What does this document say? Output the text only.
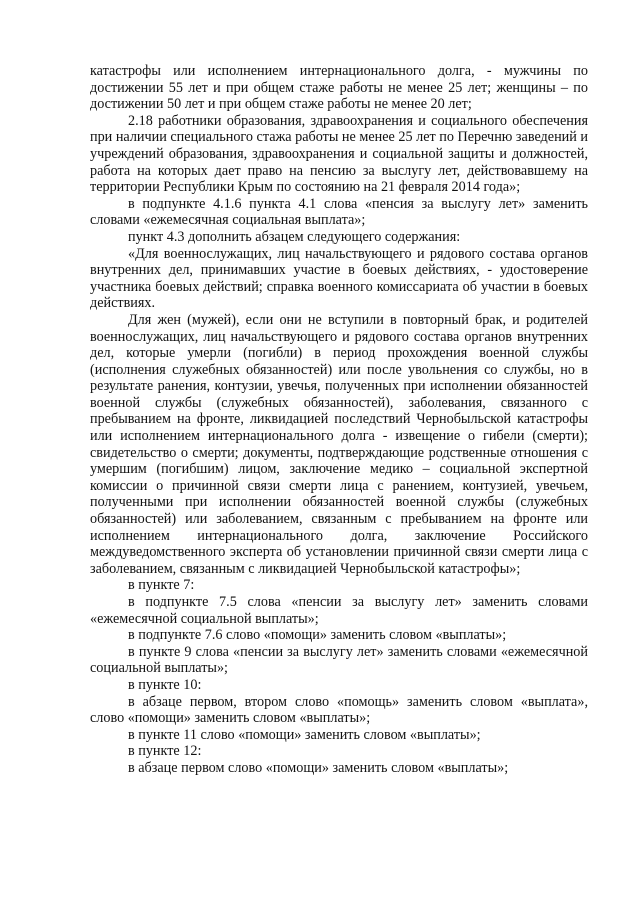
катастрофы или исполнением интернационального долга, - мужчины по достижении 55 лет и при общем стаже работы не менее 25 лет; женщины – по достижении 50 лет и при общем стаже работы не менее 20 лет;

2.18 работники образования, здравоохранения и социального обеспечения при наличии специального стажа работы не менее 25 лет по Перечню заведений и учреждений образования, здравоохранения и социальной защиты и должностей, работа на которых дает право на пенсию за выслугу лет, действовавшему на территории Республики Крым по состоянию на 21 февраля 2014 года»;

в подпункте 4.1.6 пункта 4.1 слова «пенсия за выслугу лет» заменить словами «ежемесячная социальная выплата»;

пункт 4.3 дополнить абзацем следующего содержания:

«Для военнослужащих, лиц начальствующего и рядового состава органов внутренних дел, принимавших участие в боевых действиях, - удостоверение участника боевых действий; справка военного комиссариата об участии в боевых действиях.

Для жен (мужей), если они не вступили в повторный брак, и родителей военнослужащих, лиц начальствующего и рядового состава органов внутренних дел, которые умерли (погибли) в период прохождения военной службы (исполнения служебных обязанностей) или после увольнения со службы, но в результате ранения, контузии, увечья, полученных при исполнении обязанностей военной службы (служебных обязанностей), заболевания, связанного с пребыванием на фронте, ликвидацией последствий Чернобыльской катастрофы или исполнением интернационального долга - извещение о гибели (смерти); свидетельство о смерти; документы, подтверждающие родственные отношения с умершим (погибшим) лицом, заключение медико – социальной экспертной комиссии о причинной связи смерти лица с ранением, контузией, увечьем, полученными при исполнении обязанностей военной службы (служебных обязанностей) или заболеванием, связанным с пребыванием на фронте или исполнением интернационального долга, заключение Российского междуведомственного эксперта об установлении причинной связи смерти лица с заболеванием, связанным с ликвидацией Чернобыльской катастрофы»;

в пункте 7:

в подпункте 7.5 слова «пенсии за выслугу лет» заменить словами «ежемесячной социальной выплаты»;

в подпункте 7.6 слово «помощи» заменить словом «выплаты»;

в пункте 9 слова «пенсии за выслугу лет» заменить словами «ежемесячной социальной выплаты»;

в пункте 10:

в абзаце первом, втором слово «помощь» заменить словом «выплата», слово «помощи» заменить словом «выплаты»;

в пункте 11 слово «помощи» заменить словом «выплаты»;

в пункте 12:

в абзаце первом слово «помощи» заменить словом «выплаты»;
